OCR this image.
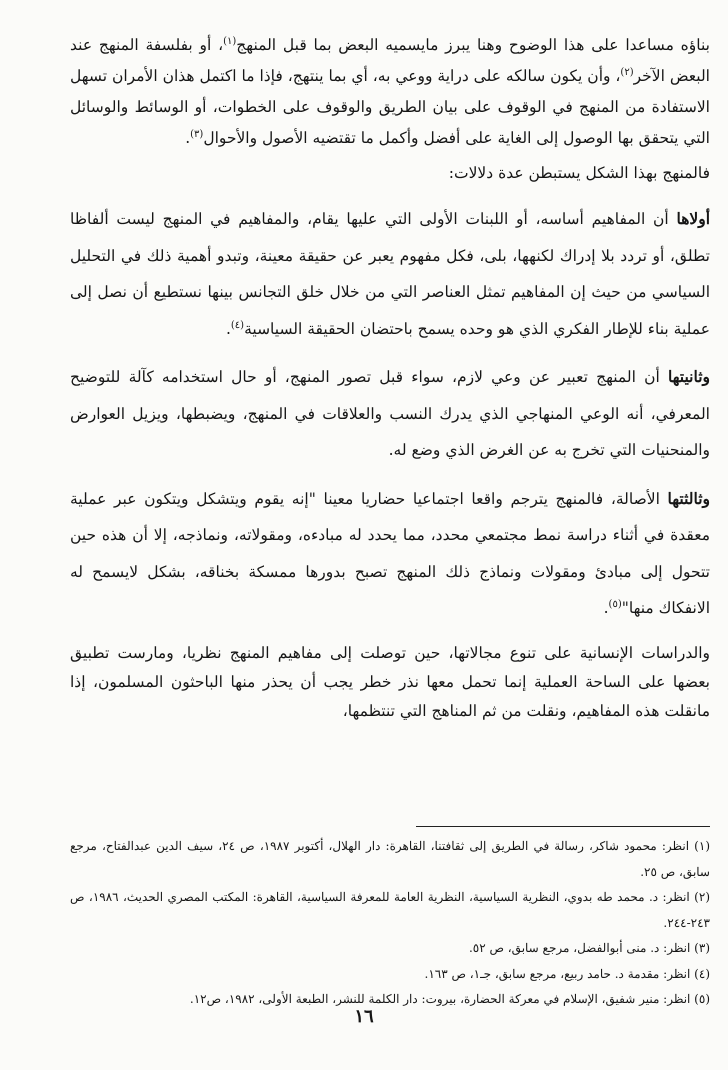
بناؤه مساعدا على هذا الوضوح وهنا يبرز مايسميه البعض بما قبل المنهج$^{(١)}$، أو بفلسفة المنهج عند البعض الآخر$^{(٢)}$، وأن يكون سالكه على دراية ووعي به، أي بما ينتهج، فإذا ما اكتمل هذان الأمران تسهل الاستفادة من المنهج في الوقوف على بيان الطريق والوقوف على الخطوات، أو الوسائط والوسائل التي يتحقق بها الوصول إلى الغاية على أفضل وأكمل ما تقتضيه الأصول والأحوال$^{(٣)}$.

فالمنهج بهذا الشكل يستبطن عدة دلالات:

أولاها أن المفاهيم أساسه، أو اللبنات الأولى التي عليها يقام، والمفاهيم في المنهج ليست ألفاظا تطلق، أو تردد بلا إدراك لكنهها، بلى، فكل مفهوم يعبر عن حقيقة معينة، وتبدو أهمية ذلك في التحليل السياسي من حيث إن المفاهيم تمثل العناصر التي من خلال خلق التجانس بينها نستطيع أن نصل إلى عملية بناء للإطار الفكري الذي هو وحده يسمح باحتضان الحقيقة السياسية$^{(٤)}$.

وثانيتها أن المنهج تعبير عن وعي لازم، سواء قبل تصور المنهج، أو حال استخدامه كآلة للتوضيح المعرفي، أنه الوعي المنهاجي الذي يدرك النسب والعلاقات في المنهج، ويضبطها، ويزيل العوارض والمنحنيات التي تخرج به عن الغرض الذي وضع له.

وثالثتها الأصالة، فالمنهج يترجم واقعا اجتماعيا حضاريا معينا "إنه يقوم ويتشكل ويتكون عبر عملية معقدة في أثناء دراسة نمط مجتمعي محدد، مما يحدد له مبادءه، ومقولاته، ونماذجه، إلا أن هذه حين تتحول إلى مبادئ ومقولات ونماذج ذلك المنهج تصبح بدورها ممسكة بخناقه، بشكل لايسمح له الانفكاك منها"$^{(٥)}$.

والدراسات الإنسانية على تنوع مجالاتها، حين توصلت إلى مفاهيم المنهج نظريا، ومارست تطبيق بعضها على الساحة العملية إنما تحمل معها نذر خطر يجب أن يحذر منها الباحثون المسلمون، إذا مانقلت هذه المفاهيم، ونقلت من ثم المناهج التي تنتظمها،

(١) انظر: محمود شاكر، رسالة في الطريق إلى ثقافتنا، القاهرة: دار الهلال، أكتوبر ١٩٨٧، ص ٢٤، سيف الدين عبدالفتاح، مرجع سابق، ص ٢٥.

(٢) انظر: د. محمد طه بدوي، النظرية السياسية، النظرية العامة للمعرفة السياسية، القاهرة: المكتب المصري الحديث، ١٩٨٦، ص ٢٤٣-٢٤٤.

(٣) انظر: د. منى أبوالفضل، مرجع سابق، ص ٥٢.

(٤) انظر: مقدمة د. حامد ربيع، مرجع سابق، جـ١، ص ١٦٣.

(٥) انظر: منير شفيق، الإسلام في معركة الحضارة، بيروت: دار الكلمة للنشر، الطبعة الأولى، ١٩٨٢، ص١٢.

١٦
